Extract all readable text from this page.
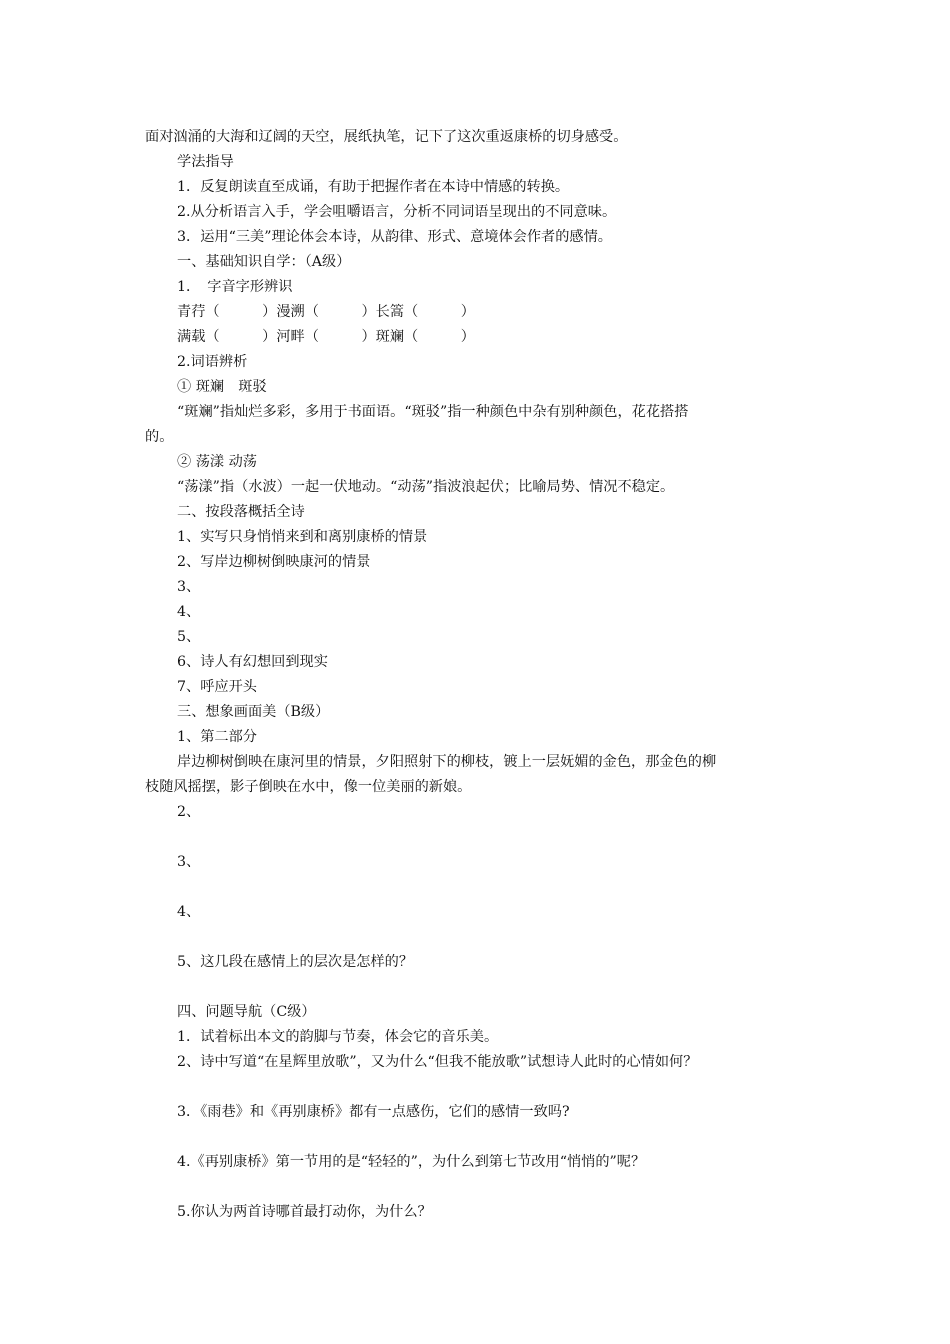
面对汹涌的大海和辽阔的天空，展纸执笔，记下了这次重返康桥的切身感受。
学法指导
1．反复朗读直至成诵，有助于把握作者在本诗中情感的转换。
2.从分析语言入手，学会咀嚼语言，分析不同词语呈现出的不同意味。
3．运用“三美”理论体会本诗，从韵律、形式、意境体会作者的感情。
一、基础知识自学：（A级）
1．　字音字形辨识
青荇（　　　）漫溯（　　　）长篙（　　　）
满载（　　　）河畔（　　　）斑斓（　　　）
2.词语辨析
① 斑斓　斑驳
“斑斓”指灿烂多彩，多用于书面语。“斑驳”指一种颜色中杂有别种颜色，花花搭搭
的。
② 荡漾 动荡
“荡漾”指（水波）一起一伏地动。“动荡”指波浪起伏；比喻局势、情况不稳定。
二、按段落概括全诗
1、实写只身悄悄来到和离别康桥的情景
2、写岸边柳树倒映康河的情景
3、
4、
5、
6、诗人有幻想回到现实
7、呼应开头
三、想象画面美（B级）
1、第二部分
岸边柳树倒映在康河里的情景，夕阳照射下的柳枝，镀上一层妩媚的金色，那金色的柳
枝随风摇摆，影子倒映在水中，像一位美丽的新娘。
2、
3、
4、
5、这几段在感情上的层次是怎样的？
四、问题导航（C级）
1．试着标出本文的韵脚与节奏，体会它的音乐美。
2、诗中写道“在星辉里放歌”，又为什么“但我不能放歌”试想诗人此时的心情如何？
3．《雨巷》和《再别康桥》都有一点感伤，它们的感情一致吗?
4.《再别康桥》第一节用的是“轻轻的”，为什么到第七节改用“悄悄的”呢？
5.你认为两首诗哪首最打动你，为什么？
